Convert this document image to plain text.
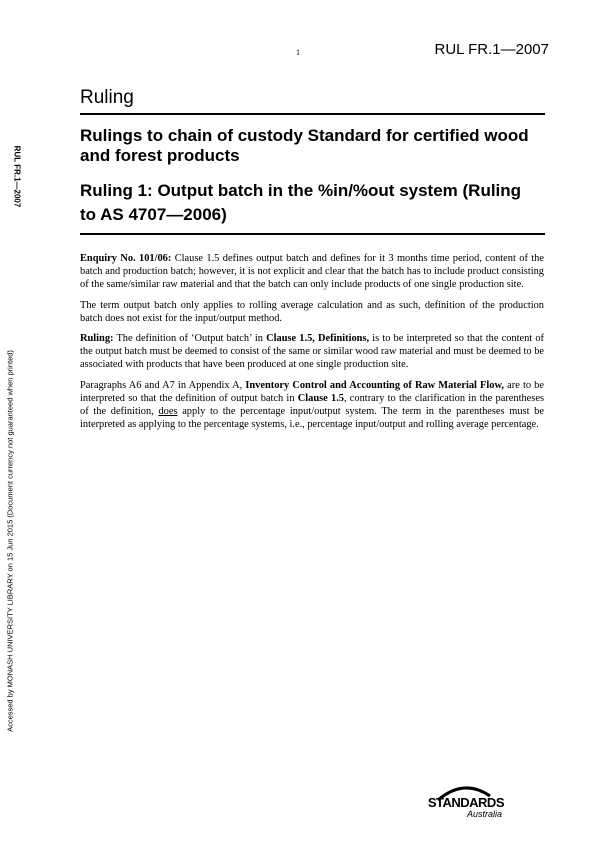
1	RUL FR.1—2007
RUL FR.1—2007
Accessed by MONASH UNIVERSITY LIBRARY on 15 Jun 2015 (Document currency not guaranteed when printed)
Ruling
Rulings to chain of custody Standard for certified wood and forest products
Ruling 1: Output batch in the %in/%out system (Ruling to AS 4707—2006)

Enquiry No. 101/06: Clause 1.5 defines output batch and defines for it 3 months time period, content of the batch and production batch; however, it is not explicit and clear that the batch has to include product consisting of the same/similar raw material and that the batch can only include products of one single production site.

The term output batch only applies to rolling average calculation and as such, definition of the production batch does not exist for the input/output method.

Ruling: The definition of ‘Output batch’ in Clause 1.5, Definitions, is to be interpreted so that the content of the output batch must be deemed to consist of the same or similar wood raw material and must be deemed to be associated with products that have been produced at one single production site.

Paragraphs A6 and A7 in Appendix A, Inventory Control and Accounting of Raw Material Flow, are to be interpreted so that the definition of output batch in Clause 1.5, contrary to the clarification in the parentheses of the definition, does apply to the percentage input/output system. The term in the parentheses must be interpreted as applying to the percentage systems, i.e., percentage input/output and rolling average percentage.

STANDARDS
Australia
